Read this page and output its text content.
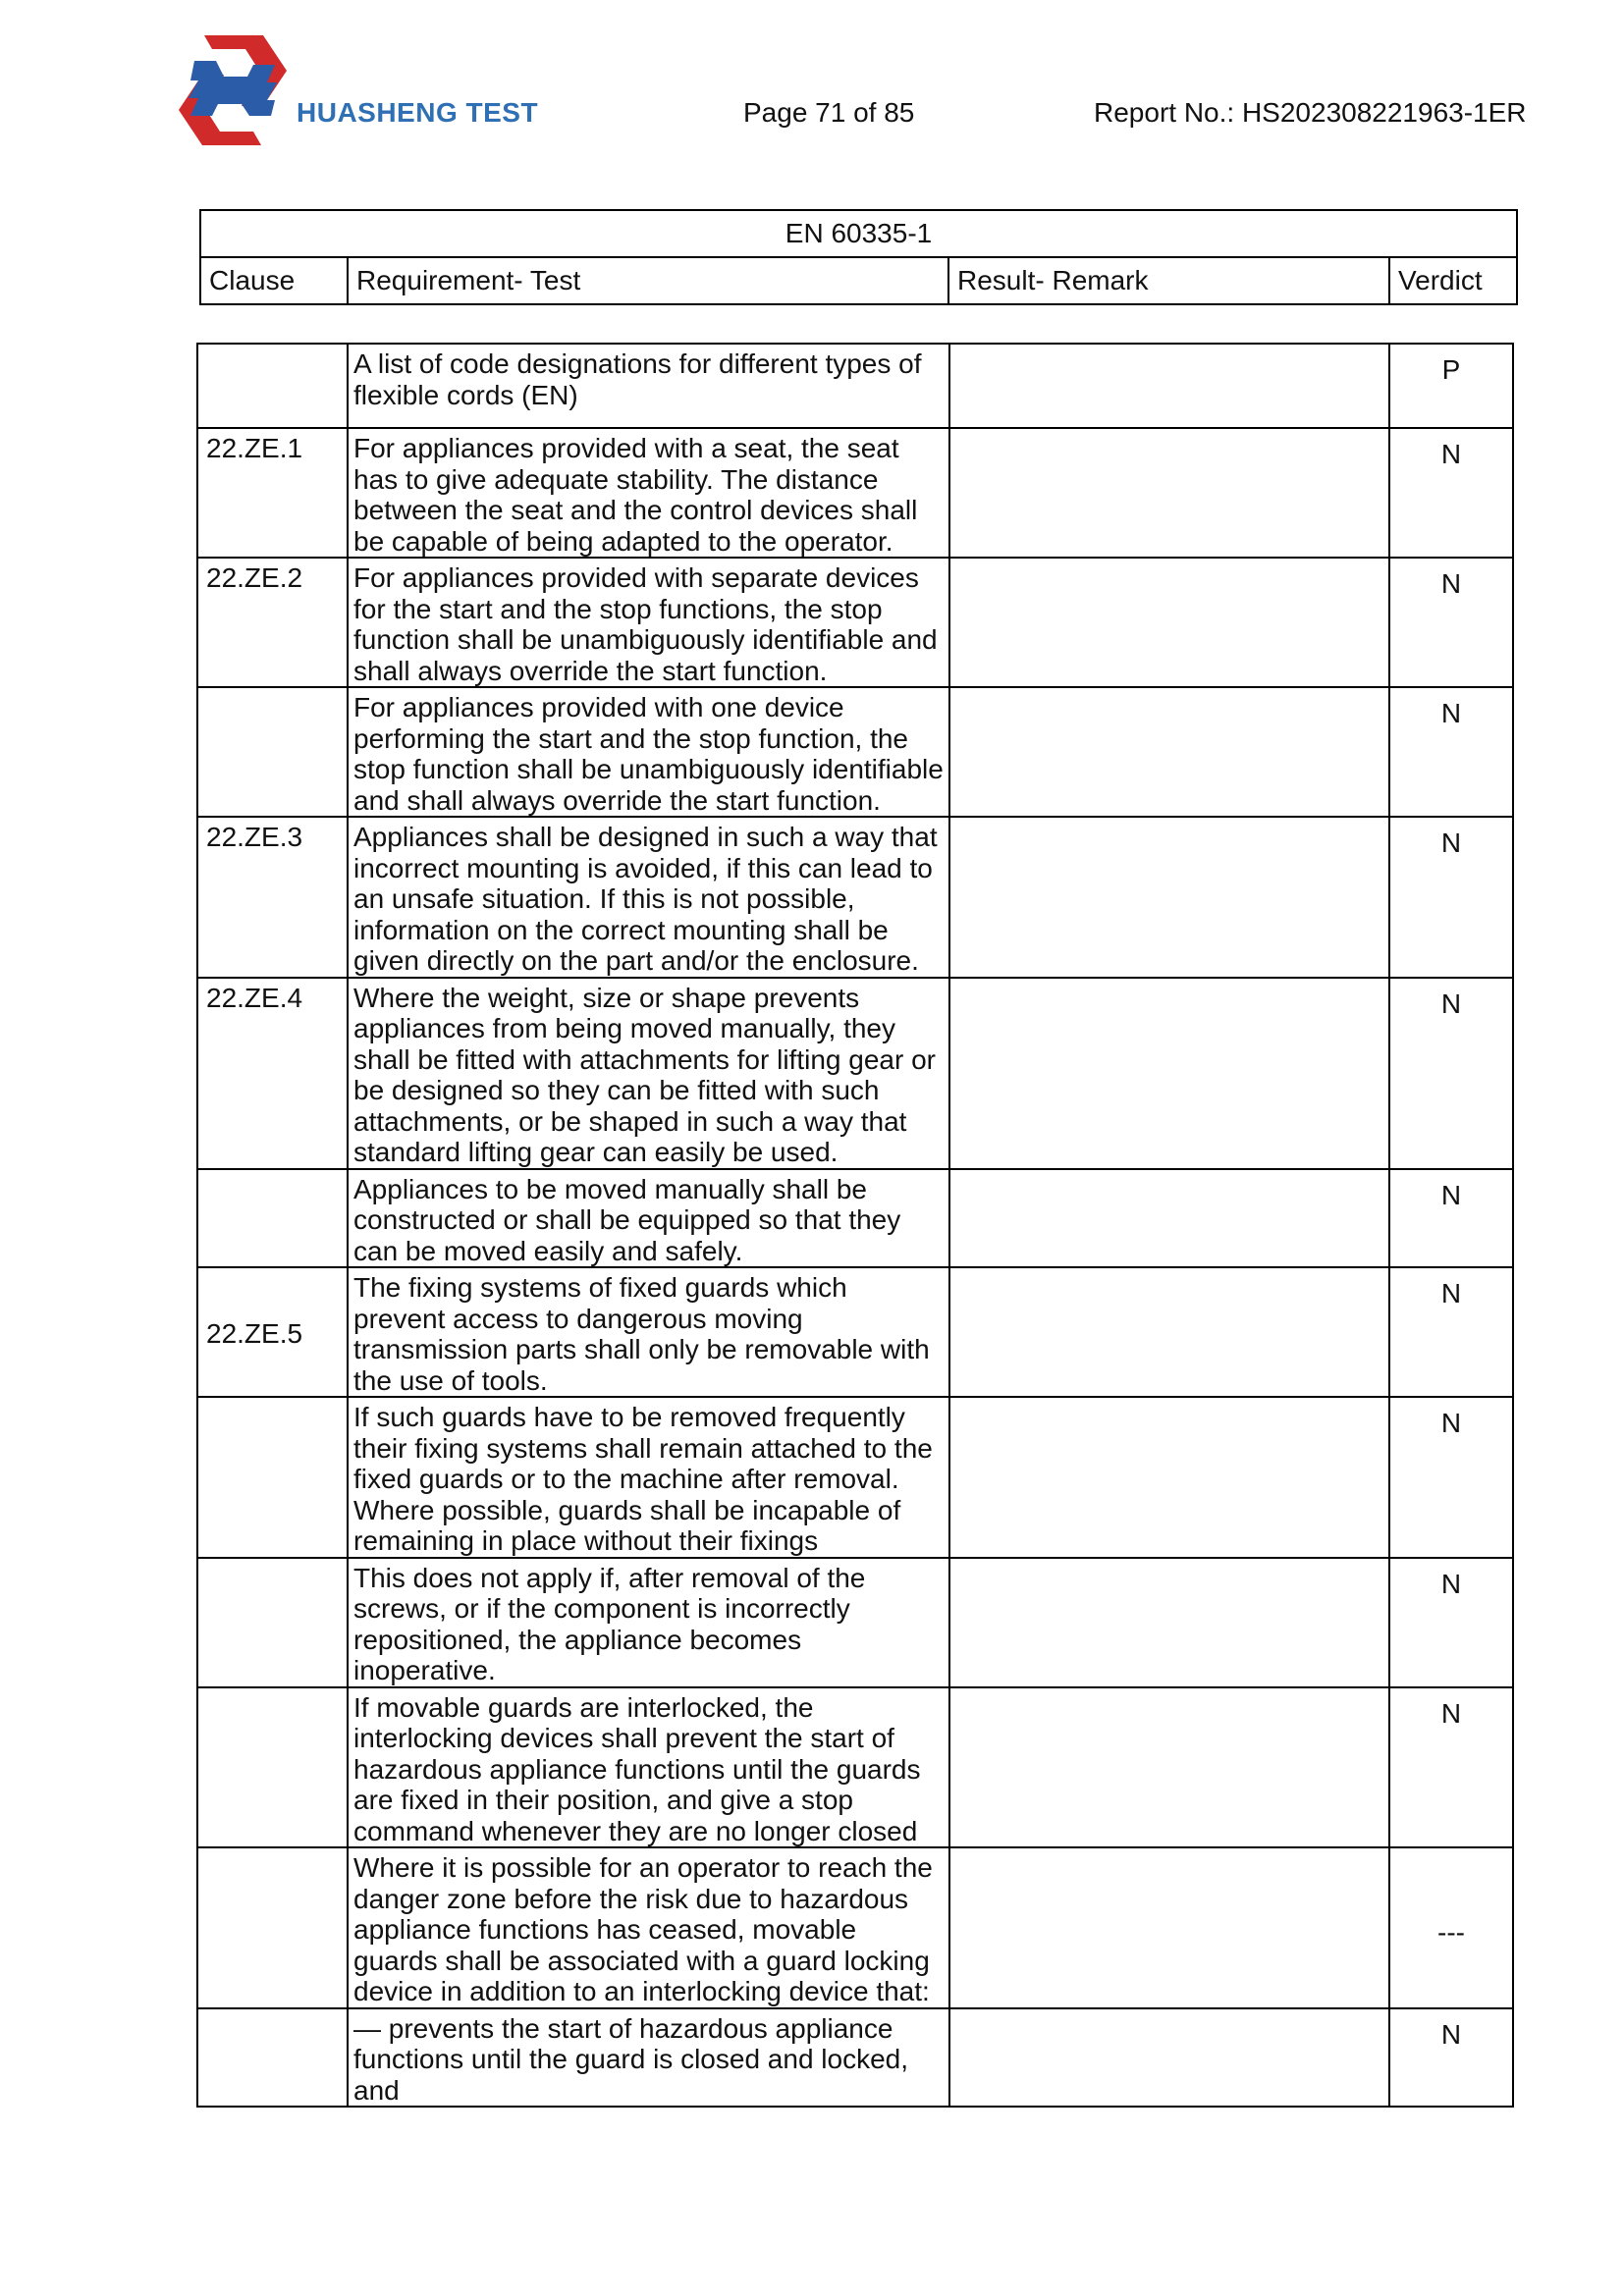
HUASHENG TEST	Page 71 of 85	Report No.: HS202308221963-1ER
EN 60335-1
Clause	Requirement- Test	Result- Remark	Verdict
	A list of code designations for different types of flexible cords (EN)		P
22.ZE.1	For appliances provided with a seat, the seat has to give adequate stability. The distance between the seat and the control devices shall be capable of being adapted to the operator.		N
22.ZE.2	For appliances provided with separate devices for the start and the stop functions, the stop function shall be unambiguously identifiable and shall always override the start function.		N
	For appliances provided with one device performing the start and the stop function, the stop function shall be unambiguously identifiable and shall always override the start function.		N
22.ZE.3	Appliances shall be designed in such a way that incorrect mounting is avoided, if this can lead to an unsafe situation. If this is not possible, information on the correct mounting shall be given directly on the part and/or the enclosure.		N
22.ZE.4	Where the weight, size or shape prevents appliances from being moved manually, they shall be fitted with attachments for lifting gear or be designed so they can be fitted with such attachments, or be shaped in such a way that standard lifting gear can easily be used.		N
	Appliances to be moved manually shall be constructed or shall be equipped so that they can be moved easily and safely.		N
22.ZE.5	The fixing systems of fixed guards which prevent access to dangerous moving transmission parts shall only be removable with the use of tools.		N
	If such guards have to be removed frequently their fixing systems shall remain attached to the fixed guards or to the machine after removal. Where possible, guards shall be incapable of remaining in place without their fixings		N
	This does not apply if, after removal of the screws, or if the component is incorrectly repositioned, the appliance becomes inoperative.		N
	If movable guards are interlocked, the interlocking devices shall prevent the start of hazardous appliance functions until the guards are fixed in their position, and give a stop command whenever they are no longer closed		N
	Where it is possible for an operator to reach the danger zone before the risk due to hazardous appliance functions has ceased, movable guards shall be associated with a guard locking device in addition to an interlocking device that:		---
	— prevents the start of hazardous appliance functions until the guard is closed and locked, and		N
